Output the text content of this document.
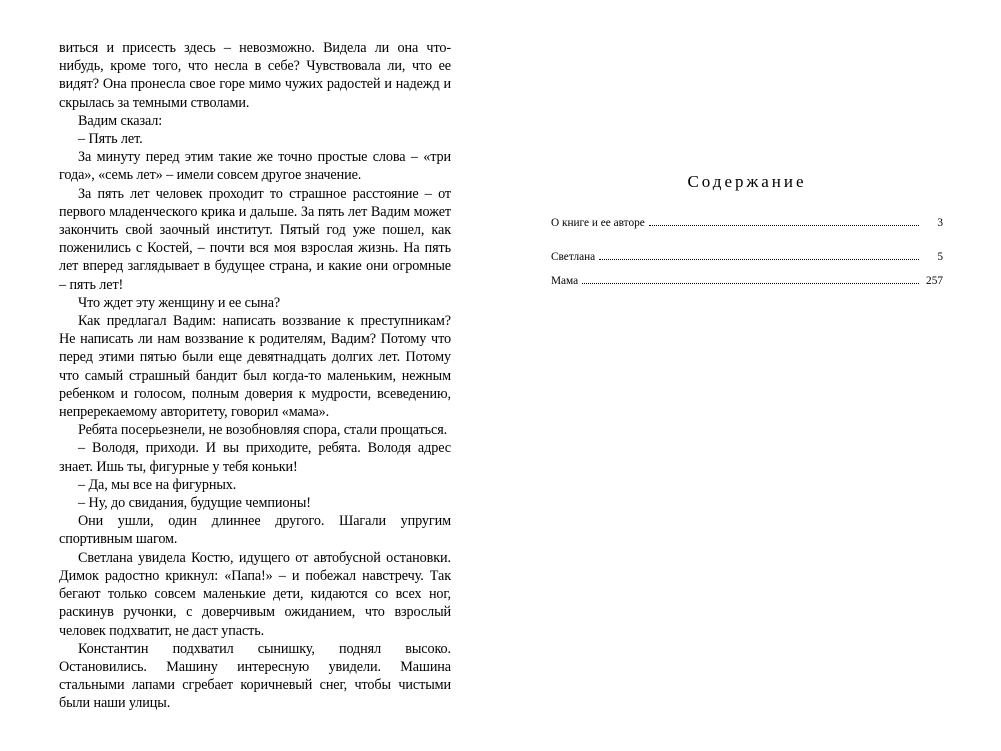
виться и присесть здесь – невозможно. Видела ли она что-нибудь, кроме того, что несла в себе? Чувствовала ли, что ее видят? Она пронесла свое горе мимо чужих радостей и надежд и скрылась за темными стволами.

Вадим сказал:

– Пять лет.

За минуту перед этим такие же точно простые слова – «три года», «семь лет» – имели совсем другое значение.

За пять лет человек проходит то страшное расстояние – от первого младенческого крика и дальше. За пять лет Вадим может закончить свой заочный институт. Пятый год уже пошел, как поженились с Костей, – почти вся моя взрослая жизнь. На пять лет вперед заглядывает в будущее страна, и какие они огромные – пять лет!

Что ждет эту женщину и ее сына?

Как предлагал Вадим: написать воззвание к преступникам? Не написать ли нам воззвание к родителям, Вадим? Потому что перед этими пятью были еще девятнадцать долгих лет. Потому что самый страшный бандит был когда-то маленьким, нежным ребенком и голосом, полным доверия к мудрости, всеведению, непререкаемому авторитету, говорил «мама».

Ребята посерьезнели, не возобновляя спора, стали прощаться.

– Володя, приходи. И вы приходите, ребята. Володя адрес знает. Ишь ты, фигурные у тебя коньки!

– Да, мы все на фигурных.

– Ну, до свидания, будущие чемпионы!

Они ушли, один длиннее другого. Шагали упругим спортивным шагом.

Светлана увидела Костю, идущего от автобусной остановки. Димок радостно крикнул: «Папа!» – и побежал навстречу. Так бегают только совсем маленькие дети, кидаются со всех ног, раскинув ручонки, с доверчивым ожиданием, что взрослый человек подхватит, не даст упасть.

Константин подхватил сынишку, поднял высоко. Остановились. Машину интересную увидели. Машина стальными лапами сгребает коричневый снег, чтобы чистыми были наши улицы.

Содержание
О книге и ее авторе	3
Светлана	5
Мама	257
